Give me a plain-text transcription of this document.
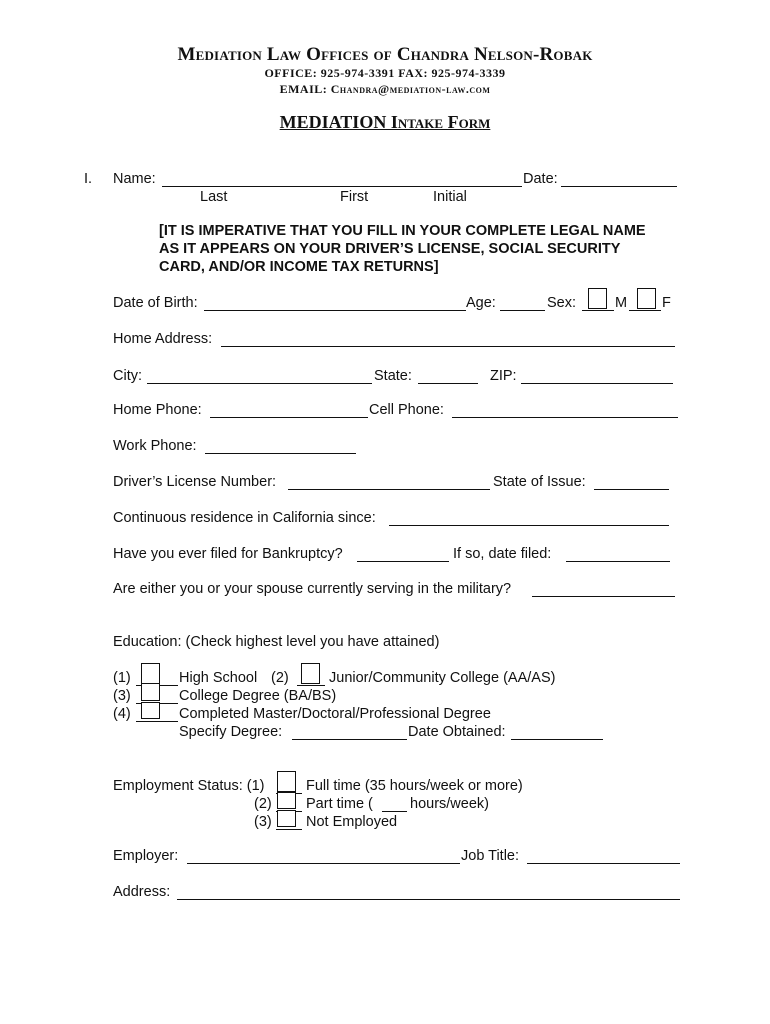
Mediation Law Offices of Chandra Nelson-Robak
OFFICE: 925-974-3391 FAX: 925-974-3339
EMAIL: Chandra@mediation-law.com
MEDIATION Intake Form
I. Name:	Date:
Last	First	Initial
[IT IS IMPERATIVE THAT YOU FILL IN YOUR COMPLETE LEGAL NAME
AS IT APPEARS ON YOUR DRIVER’S LICENSE, SOCIAL SECURITY
CARD, AND/OR INCOME TAX RETURNS]
Date of Birth:	Age:	Sex:	M F
Home Address:
City:	State:	ZIP:
Home Phone:	Cell Phone:
Work Phone:
Driver’s License Number:	State of Issue:
Continuous residence in California since:
Have you ever filed for Bankruptcy?	If so, date filed:
Are either you or your spouse currently serving in the military?
Education: (Check highest level you have attained)
(1)	High School (2)	Junior/Community College (AA/AS)
(3)	College Degree (BA/BS)
(4)	Completed Master/Doctoral/Professional Degree
Specify Degree:	Date Obtained:
Employment Status: (1)	Full time (35 hours/week or more)
(2) Part time (	hours/week)
(3) Not Employed
Employer:	Job Title:
Address:
